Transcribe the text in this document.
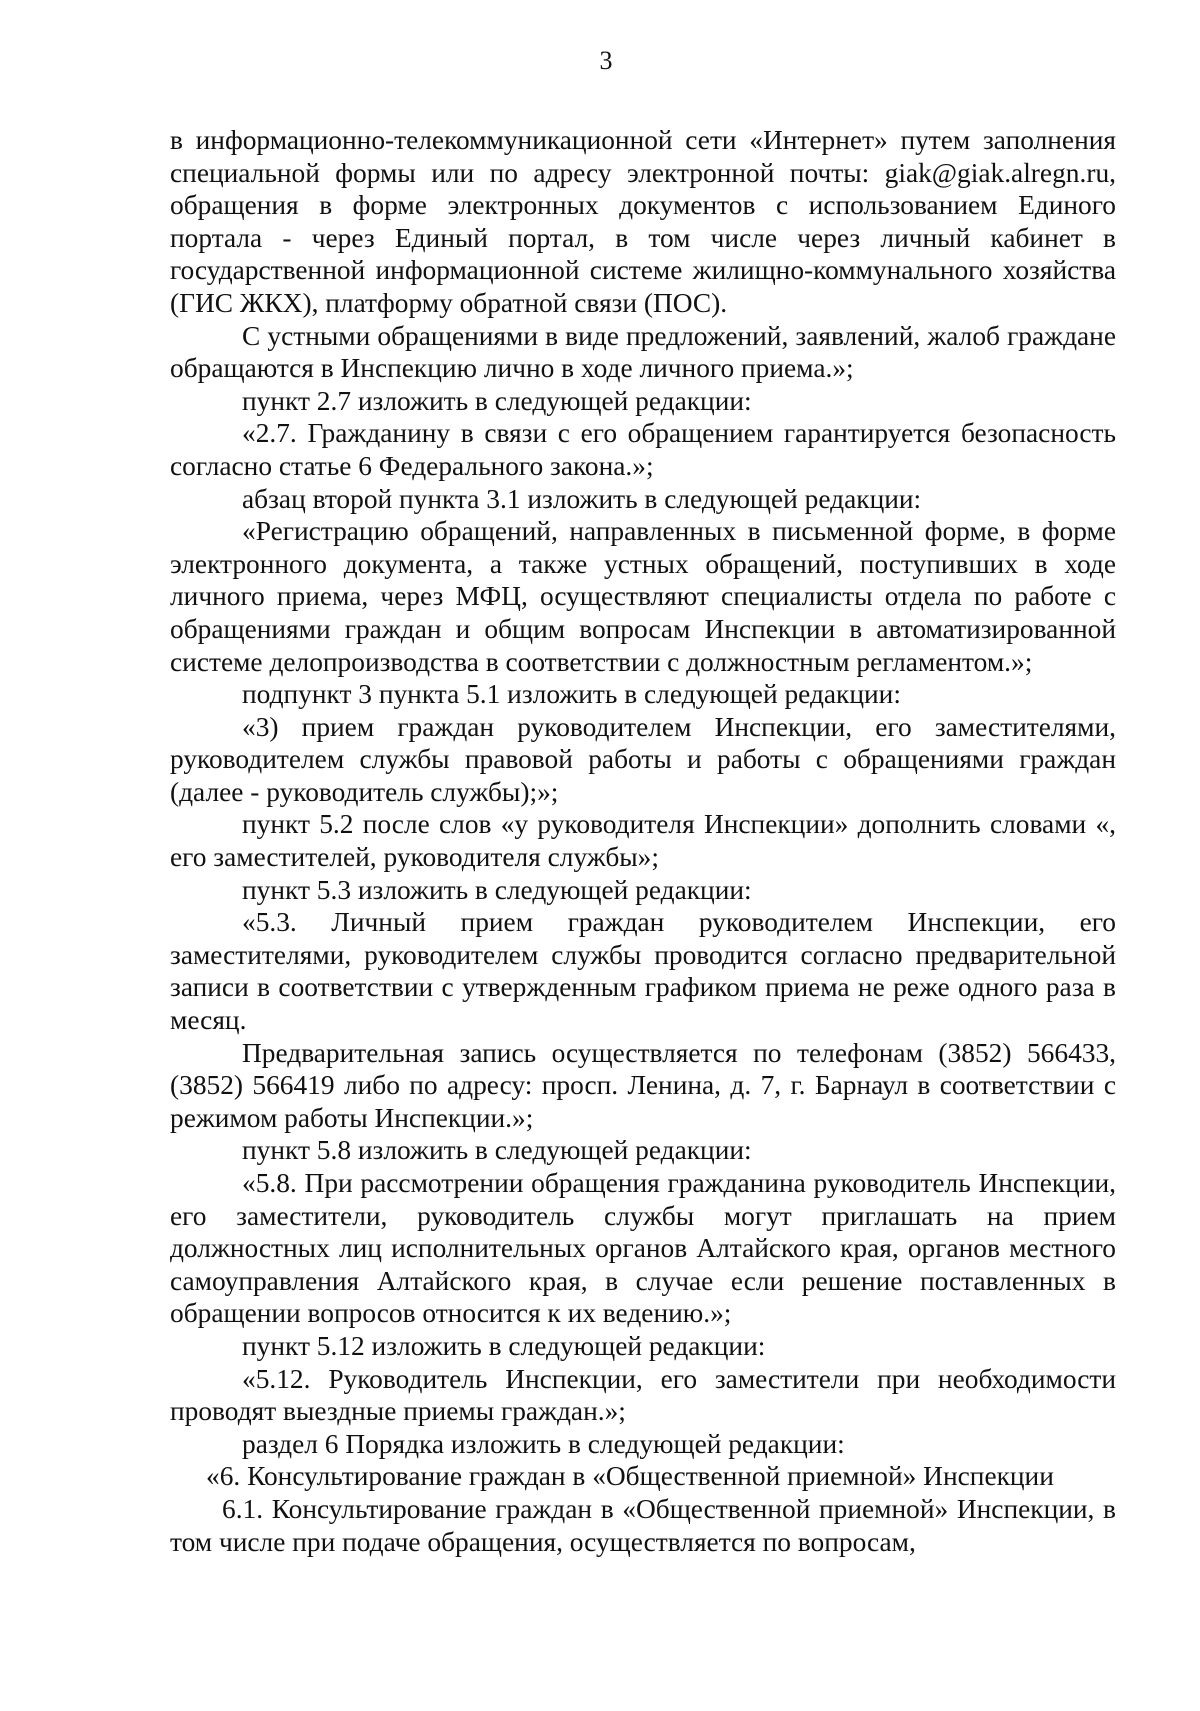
3

в информационно-телекоммуникационной сети «Интернет» путем заполнения специальной формы или по адресу электронной почты: giak@giak.alregn.ru, обращения в форме электронных документов с использованием Единого портала - через Единый портал, в том числе через личный кабинет в государственной информационной системе жилищно-коммунального хозяйства (ГИС ЖКХ), платформу обратной связи (ПОС).

С устными обращениями в виде предложений, заявлений, жалоб граждане обращаются в Инспекцию лично в ходе личного приема.»;

пункт 2.7 изложить в следующей редакции:

«2.7. Гражданину в связи с его обращением гарантируется безопасность согласно статье 6 Федерального закона.»;

абзац второй пункта 3.1 изложить в следующей редакции:

«Регистрацию обращений, направленных в письменной форме, в форме электронного документа, а также устных обращений, поступивших в ходе личного приема, через МФЦ, осуществляют специалисты отдела по работе с обращениями граждан и общим вопросам Инспекции в автоматизированной системе делопроизводства в соответствии с должностным регламентом.»;

подпункт 3 пункта 5.1 изложить в следующей редакции:

«3) прием граждан руководителем Инспекции, его заместителями, руководителем службы правовой работы и работы с обращениями граждан (далее - руководитель службы);»;

пункт 5.2 после слов «у руководителя Инспекции» дополнить словами «, его заместителей, руководителя службы»;

пункт 5.3 изложить в следующей редакции:

«5.3. Личный прием граждан руководителем Инспекции, его заместителями, руководителем службы проводится согласно предварительной записи в соответствии с утвержденным графиком приема не реже одного раза в месяц.

Предварительная запись осуществляется по телефонам (3852) 566433, (3852) 566419 либо по адресу: просп. Ленина, д. 7, г. Барнаул в соответствии с режимом работы Инспекции.»;

пункт 5.8 изложить в следующей редакции:

«5.8. При рассмотрении обращения гражданина руководитель Инспекции, его заместители, руководитель службы могут приглашать на прием должностных лиц исполнительных органов Алтайского края, органов местного самоуправления Алтайского края, в случае если решение поставленных в обращении вопросов относится к их ведению.»;

пункт 5.12 изложить в следующей редакции:

«5.12. Руководитель Инспекции, его заместители при необходимости проводят выездные приемы граждан.»;

раздел 6 Порядка изложить в следующей редакции:

«6. Консультирование граждан в «Общественной приемной» Инспекции

6.1. Консультирование граждан в «Общественной приемной» Инспекции, в том числе при подаче обращения, осуществляется по вопросам,
